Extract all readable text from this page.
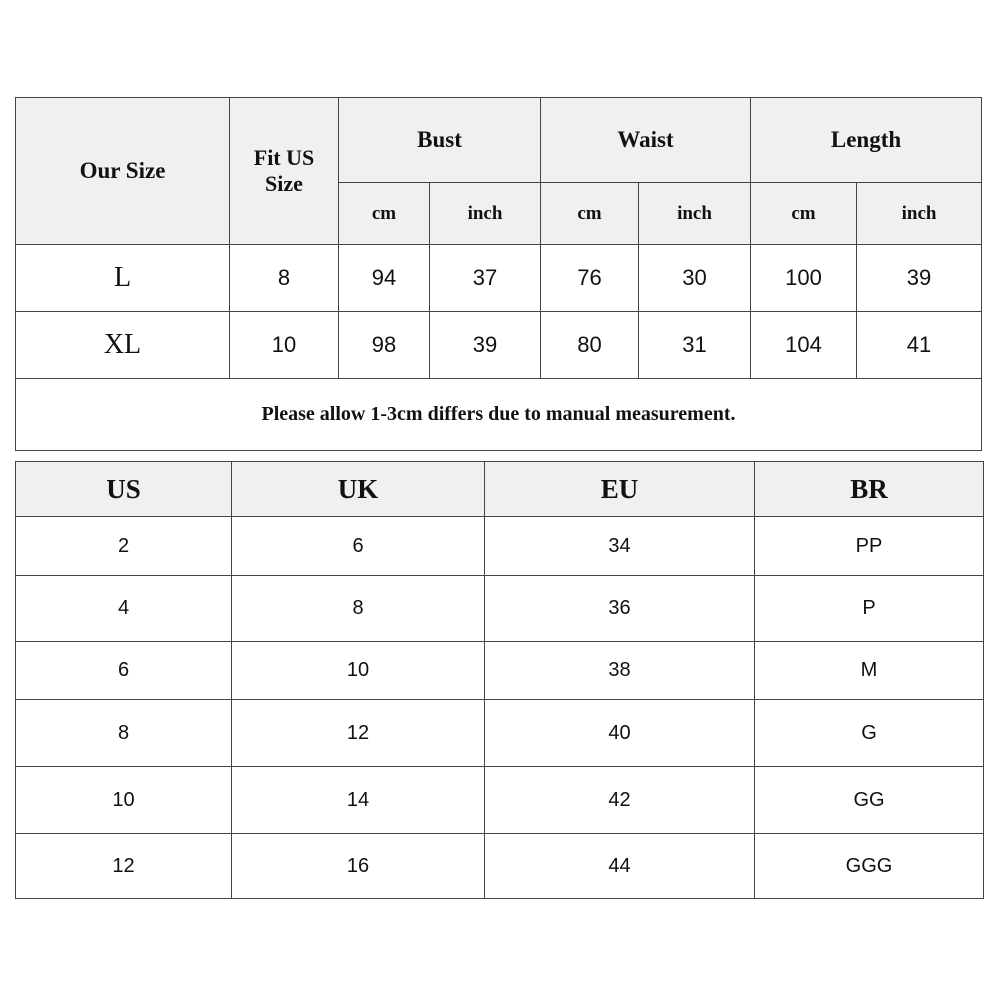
Our Size	Fit US
Size	Bust		Waist		Length	
		cm	inch	cm	inch	cm	inch
L	8	94	37	76	30	100	39
XL	10	98	39	80	31	104	41
Please allow 1-3cm differs due to manual measurement.							
US	UK	EU	BR
2	6	34	PP
4	8	36	P
6	10	38	M
8	12	40	G
10	14	42	GG
12	16	44	GGG
